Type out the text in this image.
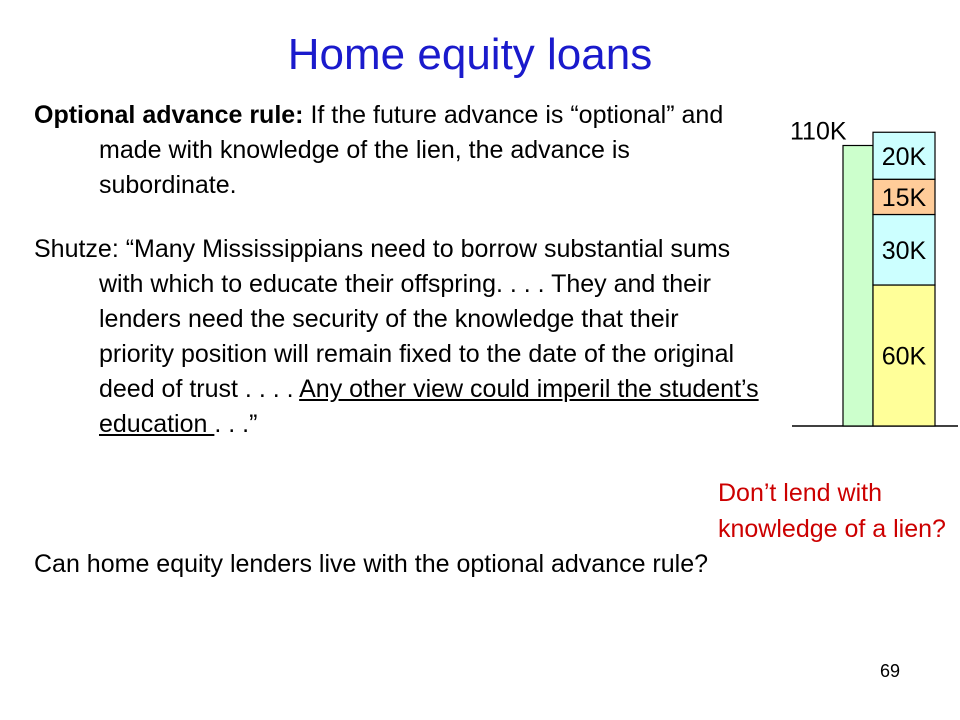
Home equity loans
Optional advance rule: If the future advance is “optional” and made with knowledge of the lien, the advance is subordinate.
Shutze: “Many Mississippians need to borrow substantial sums with which to educate their offspring. . . . They and their lenders need the security of the knowledge that their priority position will remain fixed to the date of the original deed of trust . . . . Any other view could imperil the student’s education . . .”
Can home equity lenders live with the optional advance rule?
Don’t lend with knowledge of a lien?
110K
60K
30K
15K
20K
69
